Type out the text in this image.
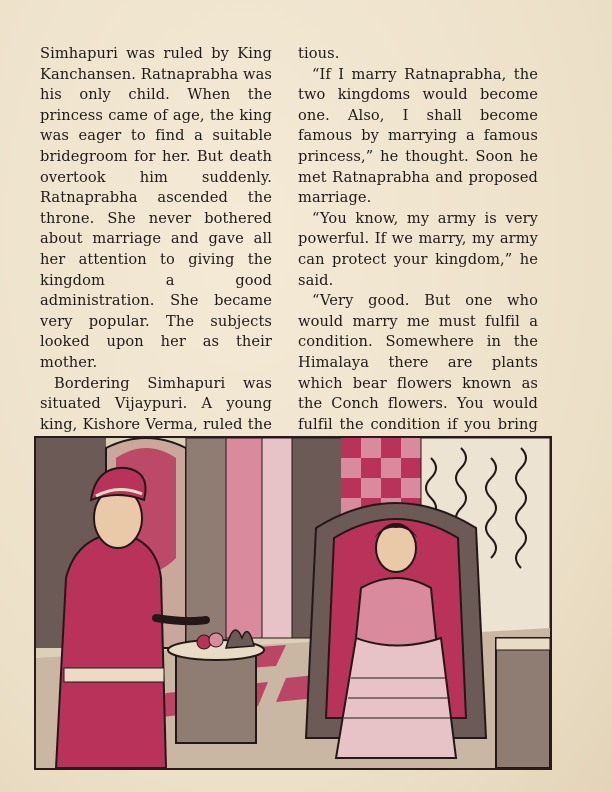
Simhapuri was ruled by King Kanchansen. Ratnaprabha was his only child. When the princess came of age, the king was eager to find a suitable bridegroom for her. But death overtook him suddenly. Ratnaprabha ascended the throne. She never bothered about marriage and gave all her attention to giving the kingdom a good administration. She became very popular. The subjects looked upon her as their mother.

Bordering Simhapuri was situated Vijaypuri. A young king, Kishore Verma, ruled the

tious.

“If I marry Ratnaprabha, the two kingdoms would become one. Also, I shall become famous by marrying a famous princess,” he thought. Soon he met Ratnaprabha and proposed marriage.

“You know, my army is very powerful. If we marry, my army can protect your kingdom,” he said.

“Very good. But one who would marry me must fulfil a condition. Somewhere in the Himalaya there are plants which bear flowers known as the Conch flowers. You would fulfil the condition if you bring
